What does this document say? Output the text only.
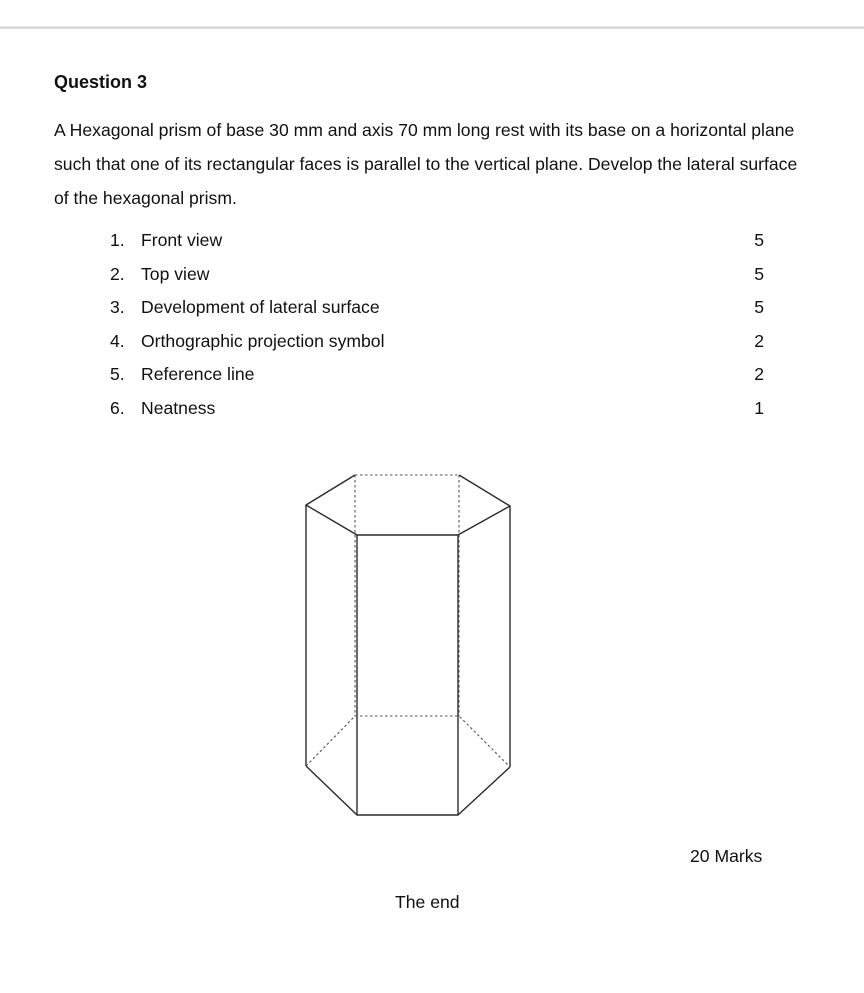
Question 3

A Hexagonal prism of base 30 mm and axis 70 mm long rest with its base on a horizontal plane such that one of its rectangular faces is parallel to the vertical plane. Develop the lateral surface of the hexagonal prism.

1. Front view	5
2. Top view	5
3. Development of lateral surface	5
4. Orthographic projection symbol	2
5. Reference line	2
6. Neatness	1
20 Marks
The end
